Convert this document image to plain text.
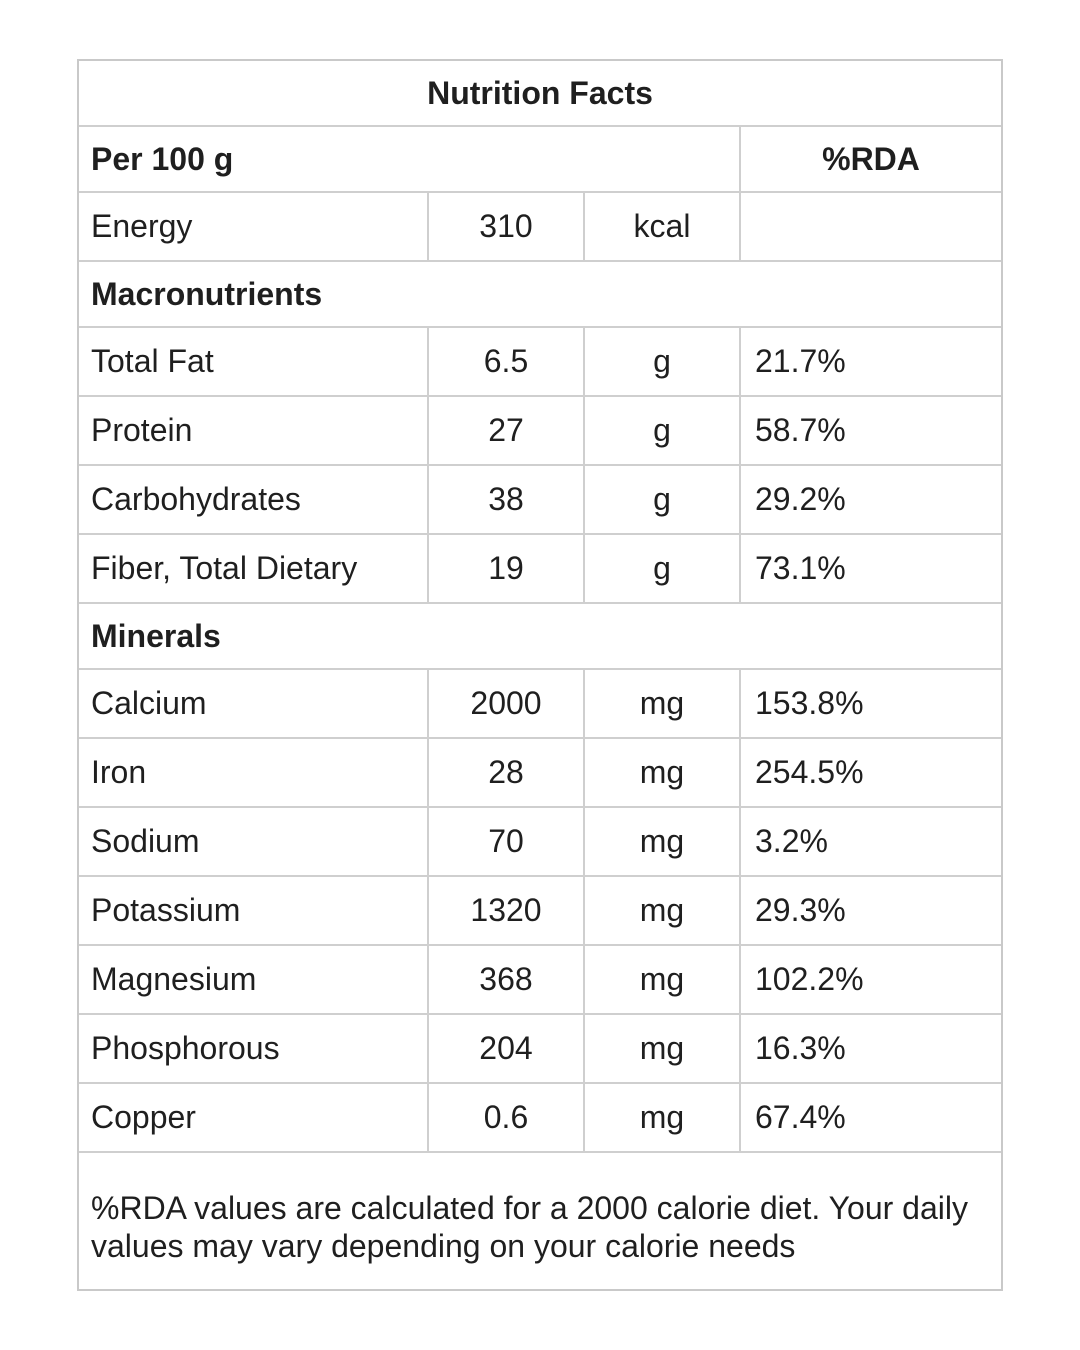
Nutrition Facts
Per 100 g	%RDA
Energy	310	kcal
Macronutrients
Total Fat	6.5	g	21.7%
Protein	27	g	58.7%
Carbohydrates	38	g	29.2%
Fiber, Total Dietary	19	g	73.1%
Minerals
Calcium	2000	mg	153.8%
Iron	28	mg	254.5%
Sodium	70	mg	3.2%
Potassium	1320	mg	29.3%
Magnesium	368	mg	102.2%
Phosphorous	204	mg	16.3%
Copper	0.6	mg	67.4%
%RDA values are calculated for a 2000 calorie diet. Your daily values may vary depending on your calorie needs
